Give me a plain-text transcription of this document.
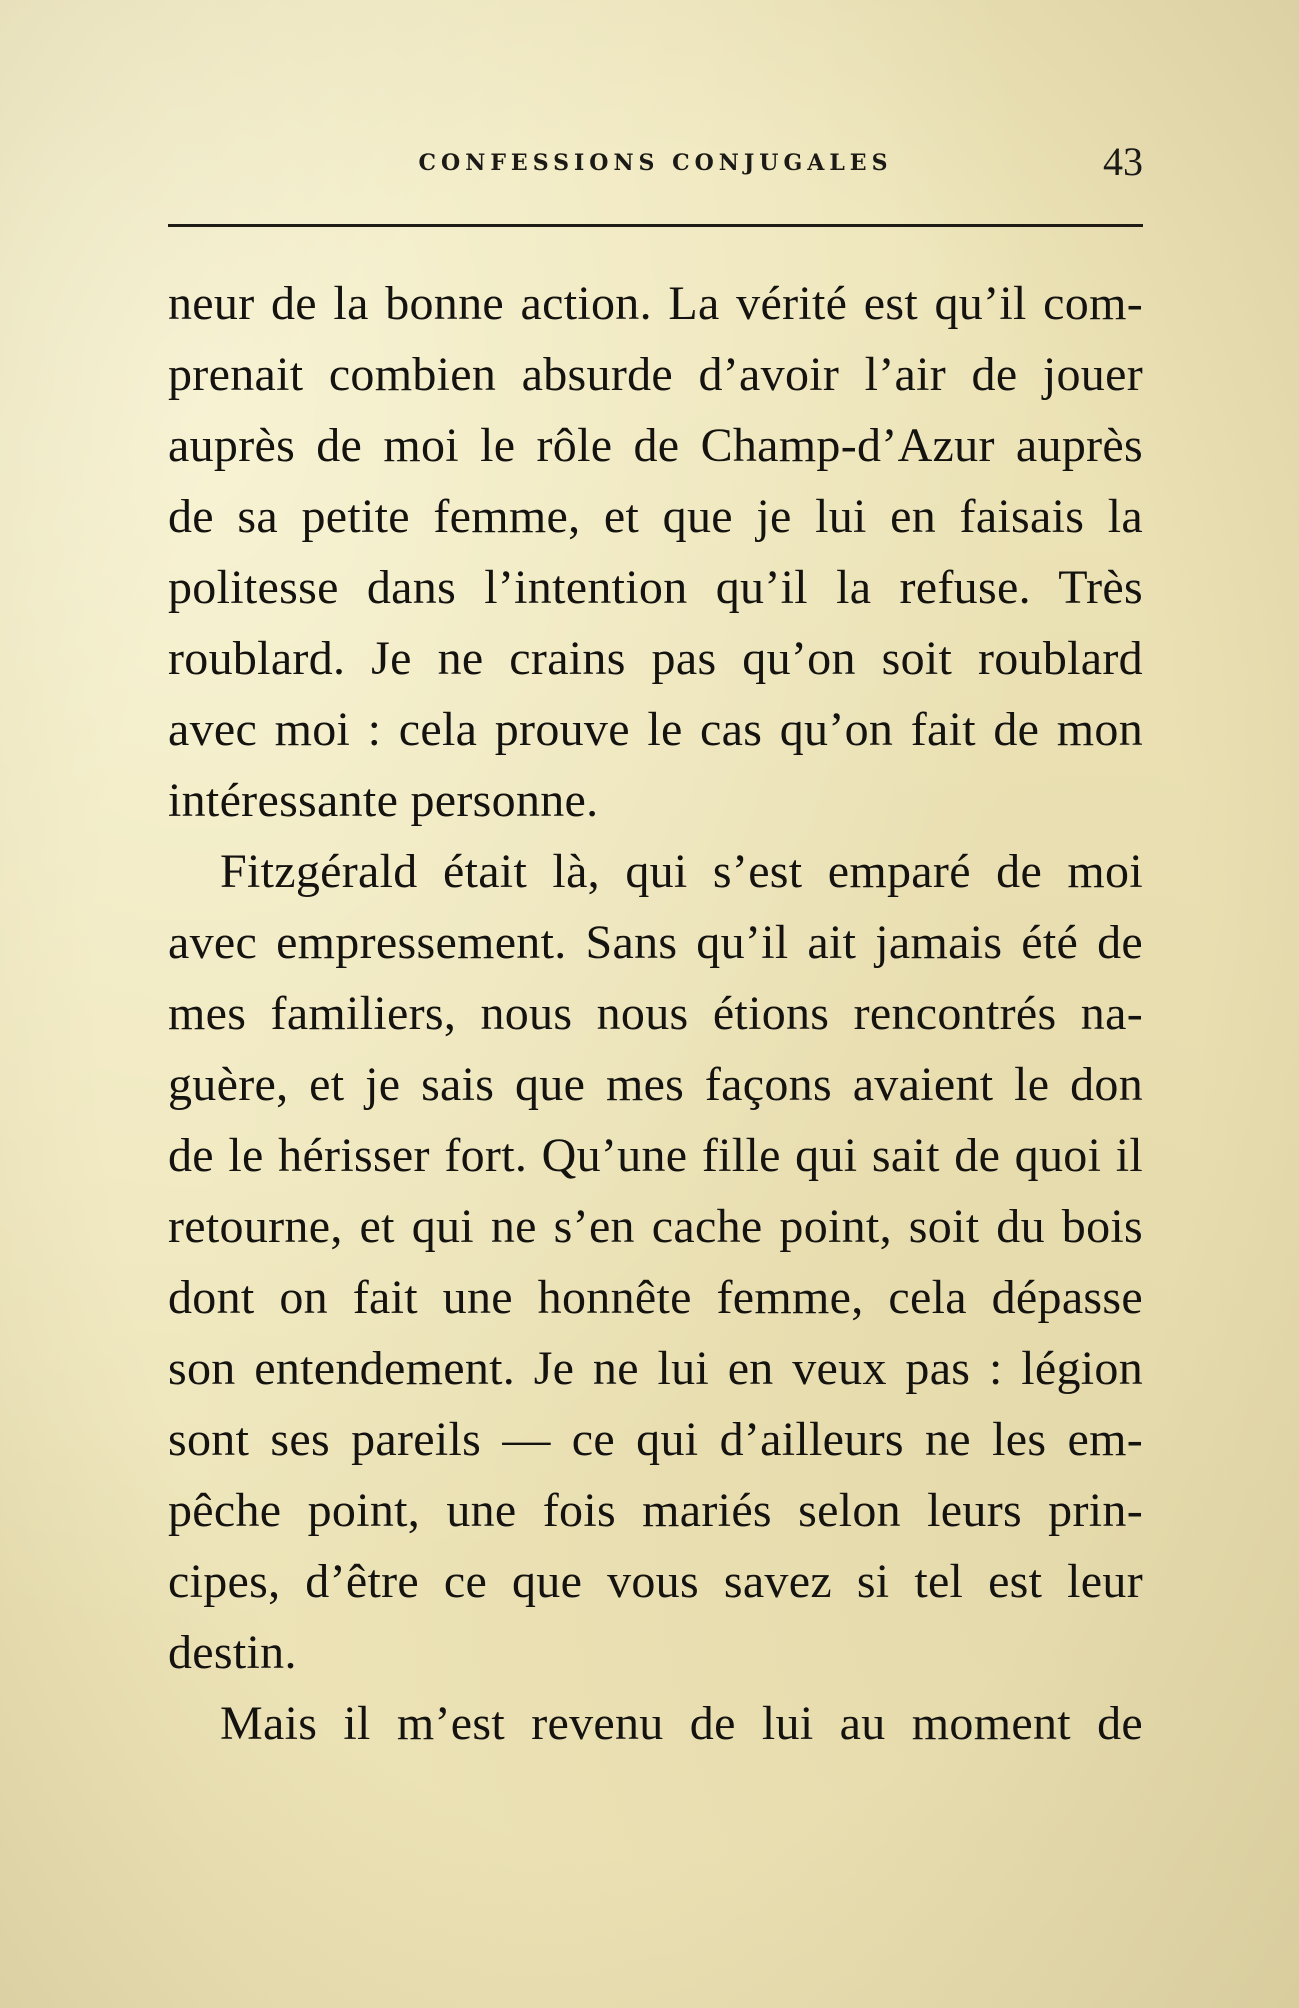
CONFESSIONS CONJUGALES	43
neur de la bonne action. La vérité est qu’il com-
prenait combien absurde d’avoir l’air de jouer
auprès de moi le rôle de Champ-d’Azur auprès
de sa petite femme, et que je lui en faisais la
politesse dans l’intention qu’il la refuse. Très
roublard. Je ne crains pas qu’on soit roublard
avec moi : cela prouve le cas qu’on fait de mon
intéressante personne.
Fitzgérald était là, qui s’est emparé de moi
avec empressement. Sans qu’il ait jamais été de
mes familiers, nous nous étions rencontrés na-
guère, et je sais que mes façons avaient le don
de le hérisser fort. Qu’une fille qui sait de quoi il
retourne, et qui ne s’en cache point, soit du bois
dont on fait une honnête femme, cela dépasse
son entendement. Je ne lui en veux pas : légion
sont ses pareils — ce qui d’ailleurs ne les em-
pêche point, une fois mariés selon leurs prin-
cipes, d’être ce que vous savez si tel est leur
destin.
Mais il m’est revenu de lui au moment de
